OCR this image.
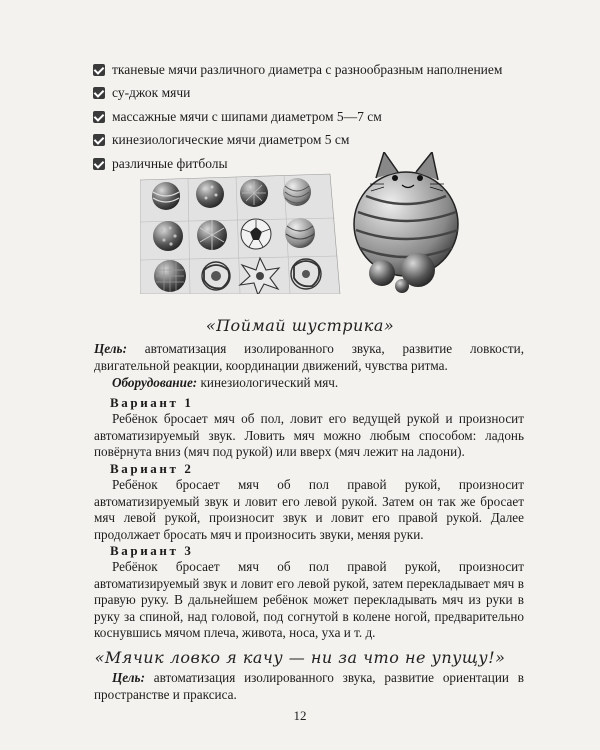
тканевые мячи различного диаметра с разнообразным наполнением
су-джок мячи
массажные мячи с шипами диаметром 5—7 см
кинезиологические мячи диаметром 5 см
различные фитболы
«Поймай шустрика»
Цель: автоматизация изолированного звука, развитие ловкости, двигательной реакции, координации движений, чувства ритма.
Оборудование: кинезиологический мяч.
Вариант 1
Ребёнок бросает мяч об пол, ловит его ведущей рукой и произносит автоматизируемый звук. Ловить мяч можно любым способом: ладонь повёрнута вниз (мяч под рукой) или вверх (мяч лежит на ладони).
Вариант 2
Ребёнок бросает мяч об пол правой рукой, произносит автоматизируемый звук и ловит его левой рукой. Затем он так же бросает мяч левой рукой, произносит звук и ловит его правой рукой. Далее продолжает бросать мяч и произносить звуки, меняя руки.
Вариант 3
Ребёнок бросает мяч об пол правой рукой, произносит автоматизируемый звук и ловит его левой рукой, затем перекладывает мяч в правую руку. В дальнейшем ребёнок может перекладывать мяч из руки в руку за спиной, над головой, под согнутой в колене ногой, предварительно коснувшись мячом плеча, живота, носа, уха и т. д.
«Мячик ловко я качу — ни за что не упущу!»
Цель: автоматизация изолированного звука, развитие ориентации в пространстве и праксиса.
12
